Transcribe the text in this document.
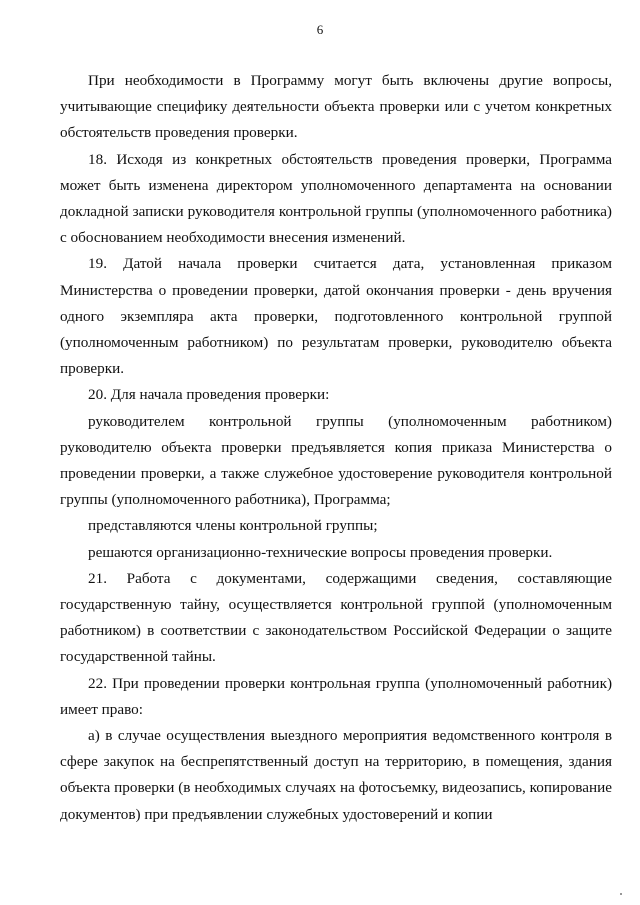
6

При необходимости в Программу могут быть включены другие вопросы, учитывающие специфику деятельности объекта проверки или с учетом конкретных обстоятельств проведения проверки.

18. Исходя из конкретных обстоятельств проведения проверки, Программа может быть изменена директором уполномоченного департамента на основании докладной записки руководителя контрольной группы (уполномоченного работника) с обоснованием необходимости внесения изменений.

19. Датой начала проверки считается дата, установленная приказом Министерства о проведении проверки, датой окончания проверки - день вручения одного экземпляра акта проверки, подготовленного контрольной группой (уполномоченным работником) по результатам проверки, руководителю объекта проверки.

20. Для начала проведения проверки:

руководителем контрольной группы (уполномоченным работником) руководителю объекта проверки предъявляется копия приказа Министерства о проведении проверки, а также служебное удостоверение руководителя контрольной группы (уполномоченного работника), Программа;

представляются члены контрольной группы;

решаются организационно-технические вопросы проведения проверки.

21. Работа с документами, содержащими сведения, составляющие государственную тайну, осуществляется контрольной группой (уполномоченным работником) в соответствии с законодательством Российской Федерации о защите государственной тайны.

22. При проведении проверки контрольная группа (уполномоченный работник) имеет право:

а) в случае осуществления выездного мероприятия ведомственного контроля в сфере закупок на беспрепятственный доступ на территорию, в помещения, здания объекта проверки (в необходимых случаях на фотосъемку, видеозапись, копирование документов) при предъявлении служебных удостоверений и копии
